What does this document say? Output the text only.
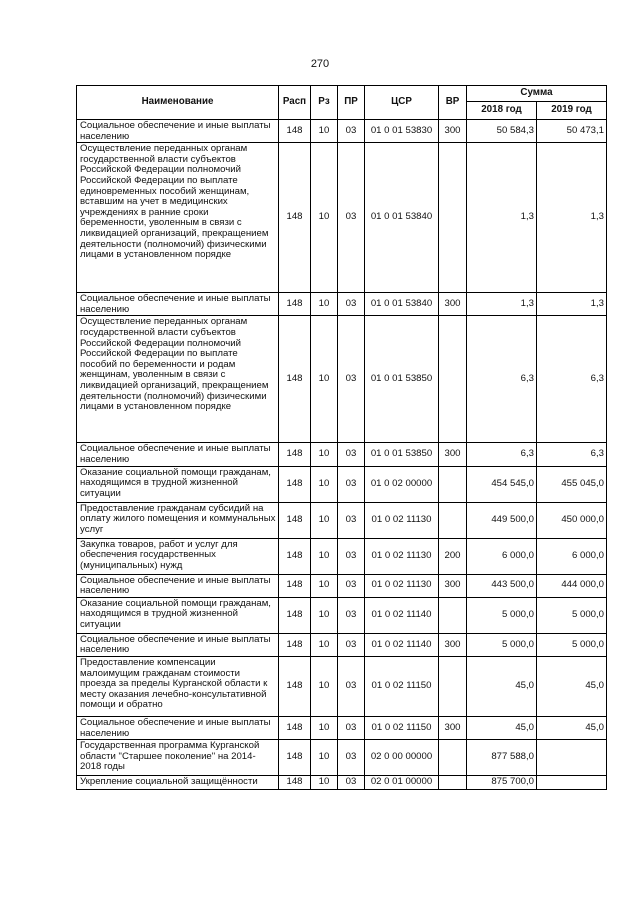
270
Наименование	Расп	Рз	ПР	ЦСР	ВР	Сумма	
						2018 год	2019 год
Социальное обеспечение и иные выплаты населению	148	10	03	01 0 01 53830	300	50 584,3	50 473,1
Осуществление переданных органам государственной власти субъектов Российской Федерации полномочий Российской Федерации по выплате единовременных пособий женщинам, вставшим на учет в медицинских учреждениях в ранние сроки беременности, уволенным в связи с ликвидацией организаций, прекращением деятельности (полномочий) физическими лицами в установленном порядке	148	10	03	01 0 01 53840		1,3	1,3
Социальное обеспечение и иные выплаты населению	148	10	03	01 0 01 53840	300	1,3	1,3
Осуществление переданных органам государственной власти субъектов Российской Федерации полномочий Российской Федерации по выплате пособий по беременности и родам женщинам, уволенным в связи с ликвидацией организаций, прекращением деятельности (полномочий) физическими лицами в установленном порядке	148	10	03	01 0 01 53850		6,3	6,3
Социальное обеспечение и иные выплаты населению	148	10	03	01 0 01 53850	300	6,3	6,3
Оказание социальной помощи гражданам, находящимся в трудной жизненной ситуации	148	10	03	01 0 02 00000		454 545,0	455 045,0
Предоставление гражданам субсидий на оплату жилого помещения и коммунальных услуг	148	10	03	01 0 02 11130		449 500,0	450 000,0
Закупка товаров, работ и услуг для обеспечения государственных (муниципальных) нужд	148	10	03	01 0 02 11130	200	6 000,0	6 000,0
Социальное обеспечение и иные выплаты населению	148	10	03	01 0 02 11130	300	443 500,0	444 000,0
Оказание социальной помощи гражданам, находящимся в трудной жизненной ситуации	148	10	03	01 0 02 11140		5 000,0	5 000,0
Социальное обеспечение и иные выплаты населению	148	10	03	01 0 02 11140	300	5 000,0	5 000,0
Предоставление компенсации малоимущим гражданам стоимости проезда за пределы Курганской области к месту оказания лечебно-консультативной помощи и обратно	148	10	03	01 0 02 11150		45,0	45,0
Социальное обеспечение и иные выплаты населению	148	10	03	01 0 02 11150	300	45,0	45,0
Государственная программа Курганской области "Старшее поколение" на 2014-2018 годы	148	10	03	02 0 00 00000		877 588,0	
Укрепление социальной защищённости	148	10	03	02 0 01 00000		875 700,0	
